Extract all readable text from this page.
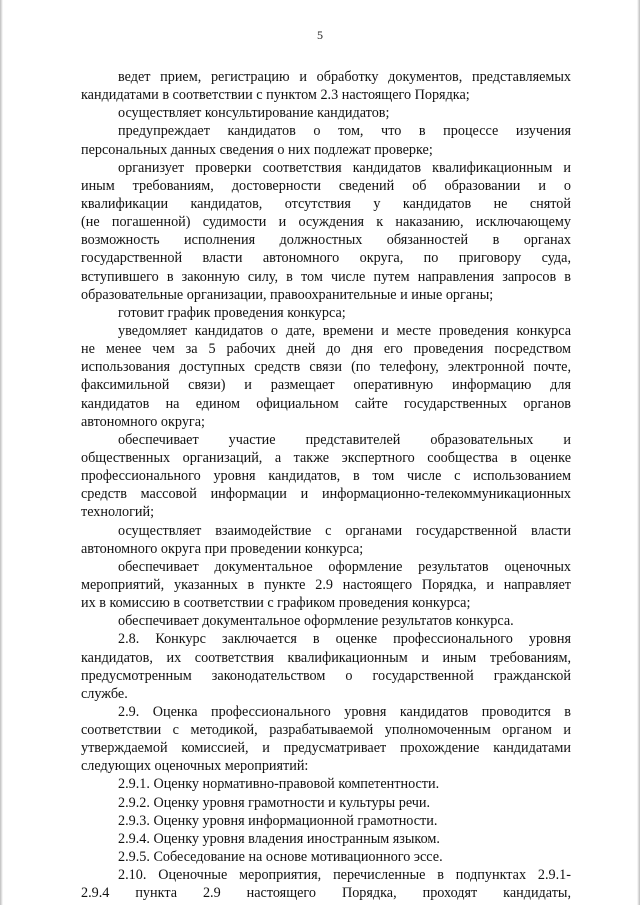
5
ведет прием, регистрацию и обработку документов, представляемых
кандидатами в соответствии с пунктом 2.3 настоящего Порядка;
осуществляет консультирование кандидатов;
предупреждает кандидатов о том, что в процессе изучения
персональных данных сведения о них подлежат проверке;
организует проверки соответствия кандидатов квалификационным и
иным требованиям, достоверности сведений об образовании и о
квалификации кандидатов, отсутствия у кандидатов не снятой
(не погашенной) судимости и осуждения к наказанию, исключающему
возможность исполнения должностных обязанностей в органах
государственной власти автономного округа, по приговору суда,
вступившего в законную силу, в том числе путем направления запросов в
образовательные организации, правоохранительные и иные органы;
готовит график проведения конкурса;
уведомляет кандидатов о дате, времени и месте проведения конкурса
не менее чем за 5 рабочих дней до дня его проведения посредством
использования доступных средств связи (по телефону, электронной почте,
факсимильной связи) и размещает оперативную информацию для
кандидатов на едином официальном сайте государственных органов
автономного округа;
обеспечивает участие представителей образовательных и
общественных организаций, а также экспертного сообщества в оценке
профессионального уровня кандидатов, в том числе с использованием
средств массовой информации и информационно-телекоммуникационных
технологий;
осуществляет взаимодействие с органами государственной власти
автономного округа при проведении конкурса;
обеспечивает документальное оформление результатов оценочных
мероприятий, указанных в пункте 2.9 настоящего Порядка, и направляет
их в комиссию в соответствии с графиком проведения конкурса;
обеспечивает документальное оформление результатов конкурса.
2.8. Конкурс заключается в оценке профессионального уровня
кандидатов, их соответствия квалификационным и иным требованиям,
предусмотренным законодательством о государственной гражданской
службе.
2.9. Оценка профессионального уровня кандидатов проводится в
соответствии с методикой, разрабатываемой уполномоченным органом и
утверждаемой комиссией, и предусматривает прохождение кандидатами
следующих оценочных мероприятий:
2.9.1. Оценку нормативно-правовой компетентности.
2.9.2. Оценку уровня грамотности и культуры речи.
2.9.3. Оценку уровня информационной грамотности.
2.9.4. Оценку уровня владения иностранным языком.
2.9.5. Собеседование на основе мотивационного эссе.
2.10. Оценочные мероприятия, перечисленные в подпунктах 2.9.1-
2.9.4 пункта 2.9 настоящего Порядка, проходят кандидаты,
